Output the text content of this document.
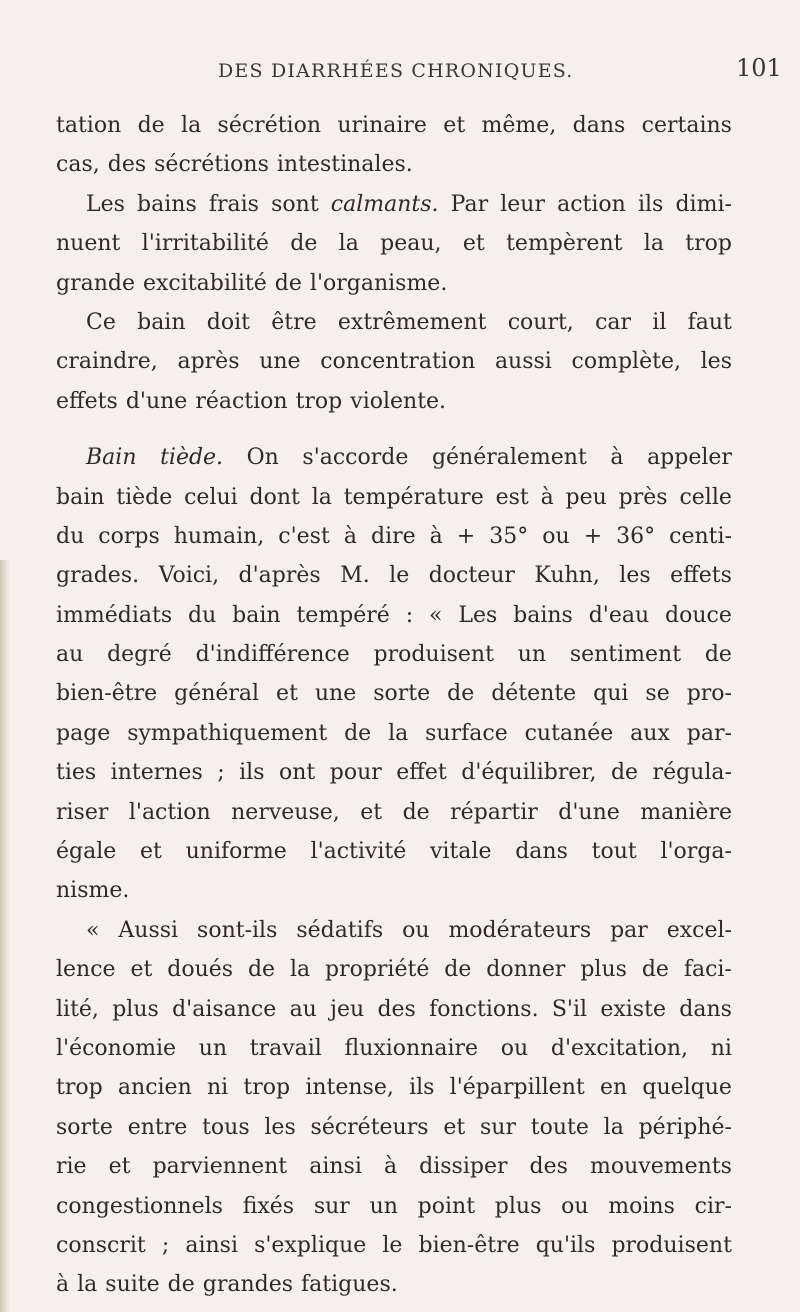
DES DIARRHÉES CHRONIQUES.	101
tation de la sécrétion urinaire et même, dans certains
cas, des sécrétions intestinales.
Les bains frais sont calmants. Par leur action ils dimi-
nuent l'irritabilité de la peau, et tempèrent la trop
grande excitabilité de l'organisme.
Ce bain doit être extrêmement court, car il faut
craindre, après une concentration aussi complète, les
effets d'une réaction trop violente.
Bain tiède. On s'accorde généralement à appeler
bain tiède celui dont la température est à peu près celle
du corps humain, c'est à dire à + 35° ou + 36° centi-
grades. Voici, d'après M. le docteur Kuhn, les effets
immédiats du bain tempéré : « Les bains d'eau douce
au degré d'indifférence produisent un sentiment de
bien-être général et une sorte de détente qui se pro-
page sympathiquement de la surface cutanée aux par-
ties internes ; ils ont pour effet d'équilibrer, de régula-
riser l'action nerveuse, et de répartir d'une manière
égale et uniforme l'activité vitale dans tout l'orga-
nisme.
« Aussi sont-ils sédatifs ou modérateurs par excel-
lence et doués de la propriété de donner plus de faci-
lité, plus d'aisance au jeu des fonctions. S'il existe dans
l'économie un travail fluxionnaire ou d'excitation, ni
trop ancien ni trop intense, ils l'éparpillent en quelque
sorte entre tous les sécréteurs et sur toute la périphé-
rie et parviennent ainsi à dissiper des mouvements
congestionnels fixés sur un point plus ou moins cir-
conscrit ; ainsi s'explique le bien-être qu'ils produisent
à la suite de grandes fatigues.
